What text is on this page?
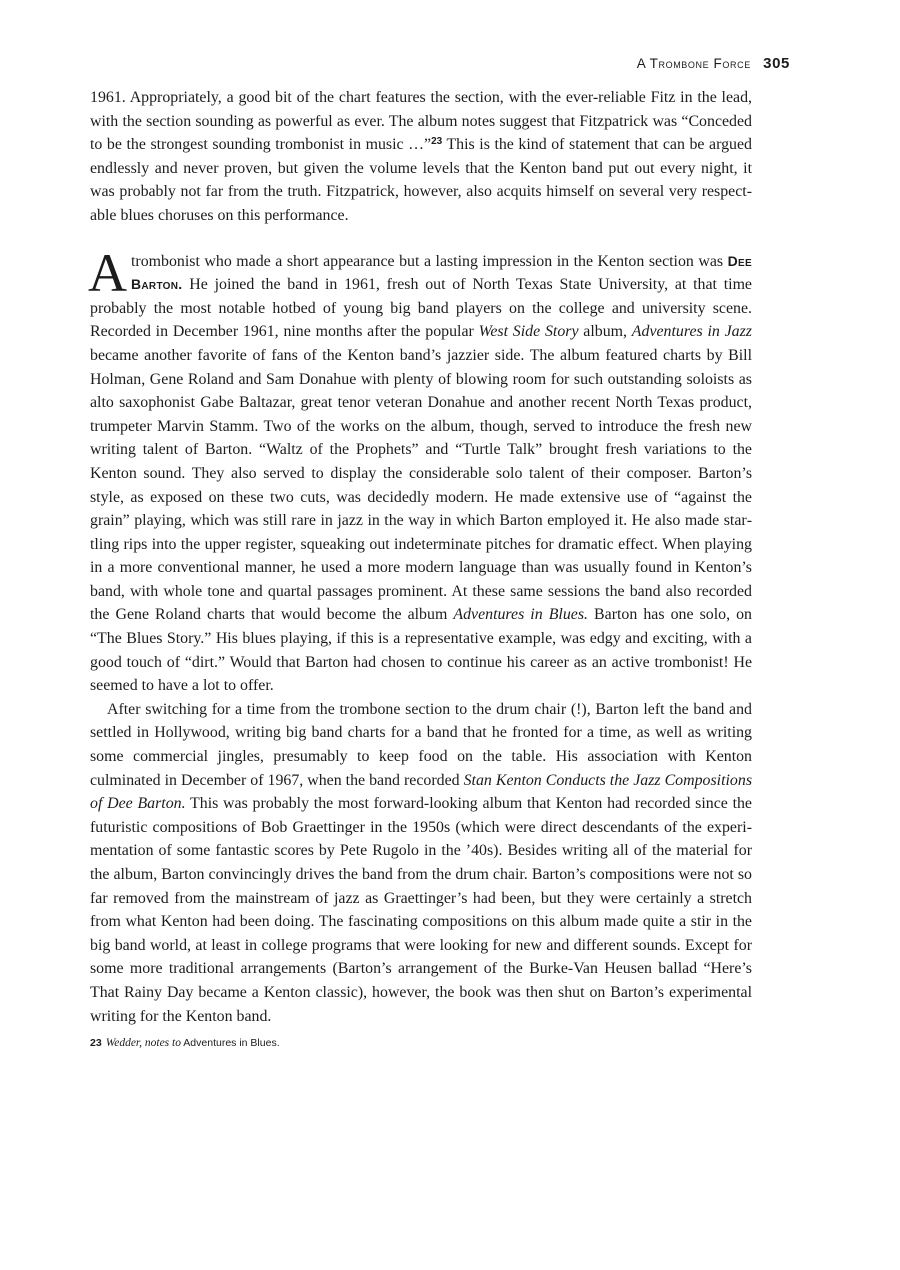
A Trombone Force 305

1961. Appropriately, a good bit of the chart features the section, with the ever-reliable Fitz in the lead, with the section sounding as powerful as ever. The album notes suggest that Fitzpatrick was “Conceded to be the strongest sounding trombonist in music …”$^{23}$ This is the kind of statement that can be argued endlessly and never proven, but given the volume levels that the Kenton band put out every night, it was probably not far from the truth. Fitzpatrick, however, also acquits himself on several very respectable blues choruses on this performance.

A trombonist who made a short appearance but a lasting impression in the Kenton section was Dee Barton. He joined the band in 1961, fresh out of North Texas State University, at that time probably the most notable hotbed of young big band players on the college and university scene. Recorded in December 1961, nine months after the popular West Side Story album, Adventures in Jazz became another favorite of fans of the Kenton band’s jazzier side. The album featured charts by Bill Holman, Gene Roland and Sam Donahue with plenty of blowing room for such outstanding soloists as alto saxophonist Gabe Baltazar, great tenor veteran Donahue and another recent North Texas product, trumpeter Marvin Stamm. Two of the works on the album, though, served to introduce the fresh new writing talent of Barton. “Waltz of the Prophets” and “Turtle Talk” brought fresh variations to the Kenton sound. They also served to display the considerable solo talent of their composer. Barton’s style, as exposed on these two cuts, was decidedly modern. He made extensive use of “against the grain” playing, which was still rare in jazz in the way in which Barton employed it. He also made startling rips into the upper register, squeaking out indeterminate pitches for dramatic effect. When playing in a more conventional manner, he used a more modern language than was usually found in Kenton’s band, with whole tone and quartal passages prominent. At these same sessions the band also recorded the Gene Roland charts that would become the album Adventures in Blues. Barton has one solo, on “The Blues Story.” His blues playing, if this is a representative example, was edgy and exciting, with a good touch of “dirt.” Would that Barton had chosen to continue his career as an active trombonist! He seemed to have a lot to offer.

After switching for a time from the trombone section to the drum chair (!), Barton left the band and settled in Hollywood, writing big band charts for a band that he fronted for a time, as well as writing some commercial jingles, presumably to keep food on the table. His association with Kenton culminated in December of 1967, when the band recorded Stan Kenton Conducts the Jazz Compositions of Dee Barton. This was probably the most forward-looking album that Kenton had recorded since the futuristic compositions of Bob Graettinger in the 1950s (which were direct descendants of the experimentation of some fantastic scores by Pete Rugolo in the ’40s). Besides writing all of the material for the album, Barton convincingly drives the band from the drum chair. Barton’s compositions were not so far removed from the mainstream of jazz as Graettinger’s had been, but they were certainly a stretch from what Kenton had been doing. The fascinating compositions on this album made quite a stir in the big band world, at least in college programs that were looking for new and different sounds. Except for some more traditional arrangements (Barton’s arrangement of the Burke-Van Heusen ballad “Here’s That Rainy Day became a Kenton classic), however, the book was then shut on Barton’s experimental writing for the Kenton band.

23 Wedder, notes to Adventures in Blues.
